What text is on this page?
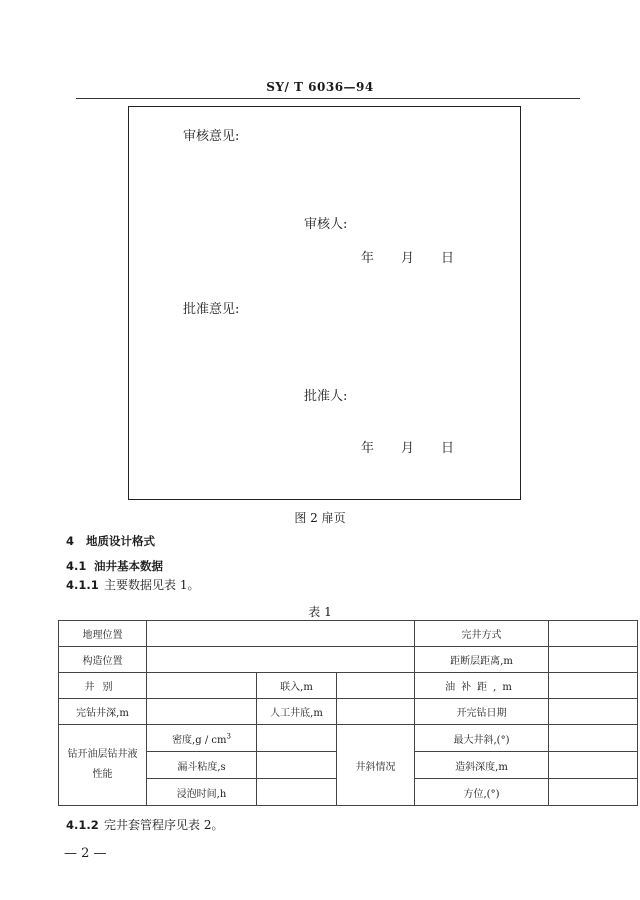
SY/ T 6036—94
审核意见:
审核人:
年 月 日
批准意见:
批准人:
年 月 日
图 2 扉页
4 地质设计格式
4.1 油井基本数据
4.1.1 主要数据见表 1。
表 1
地理位置				完井方式	
构造位置				距断层距离,m	
井别		联入,m		油补距,m	
完钻井深,m		人工井底,m		开完钻日期	
钻开油层钻井液性能	密度,g / $cm^3$		井斜情况	最大井斜,(°)	
	漏斗粘度,s			造斜深度,m	
	浸泡时间,h			方位,(°)	
4.1.2 完井套管程序见表 2。
— 2 —
